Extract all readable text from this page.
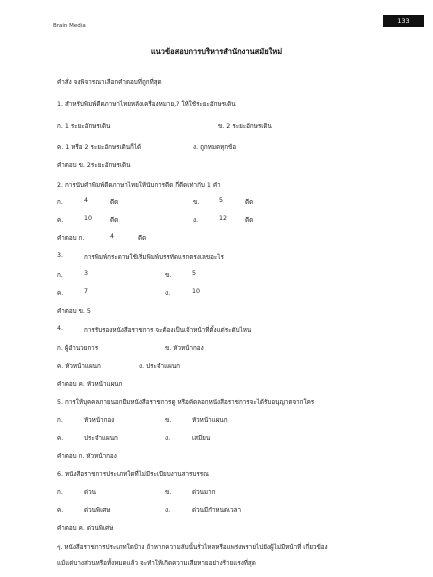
Brain Media
133
แนวข้อสอบการบริหารสำนักงานสมัยใหม่
คำสั่ง จงพิจารณาเลือกคำตอบที่ถูกที่สุด
1. สำหรับพิมพ์ดีดภาษาไทยหลังเครื่องหมาย,? ให้ใช้ระยะอักษรเดิน
ก. 1 ระยะอักษรเดิน	ข. 2 ระยะอักษรเดิน
ค. 1 หรือ 2 ระยะอักษรเดินก็ได้	ง. ถูกหมดทุกข้อ
คำตอบ ข. 2ระยะอักษรเดิน
2. การนับคำพิมพ์ดีดภาษาไทยให้นับการตีด กี่ตีดเท่ากับ 1 คำ
ก.	4	ตีด	ข.	5	ตีด
ค.	10	ตีด	ง.	12	ตีด
คำตอบ ก.	4	ตีด
3.	การพิมพ์กระดาษใช้เริ่มพิมพ์บรรทัดแรกตรงเลขอะไร
ก.	3	ข.	5
ค.	7	ง.	10
คำตอบ ข. 5
4.	การรับรองหนังสือราชการ จะต้องเป็นเจ้าหน้าที่ตั้งแต่ระดับไหน
ก. ผู้อำนวยการ	ข. หัวหน้ากอง
ค. หัวหน้าแผนก	ง. ประจำแผนก
คำตอบ ค. หัวหน้าแผนก
5. การให้บุคคลภายนอกยืมหนังสือราชการดู หรือคัดลอกหนังสือราชการจะได้รับอนุญาตจากใคร
ก.	หัวหน้ากอง	ข.	หัวหน้าแผนก
ค.	ประจำแผนก	ง.	เสมียน
คำตอบ ก. หัวหน้ากอง
6. หนังสือราชการประเภทใดที่ไม่มีระเบียบงานสารบรรณ
ก.	ด่วน	ข.	ด่วนมาก
ค.	ด่วนพิเศษ	ง.	ด่วนมีกำหนดเวลา
คำตอบ ค. ด่วนพิเศษ
ๆ. หนังสือราชการประเภทใดบ้าง ถ้าหากความลับนั้นรั่วไหลหรือแพร่งพรายไปยังผู้ไม่มีหน้าที่ เกี่ยวข้อง
แม้แต่บางส่วนหรือทั้งหมดแล้ว จะทำให้เกิดความเสียหายอย่างร้ายแรงที่สุด
